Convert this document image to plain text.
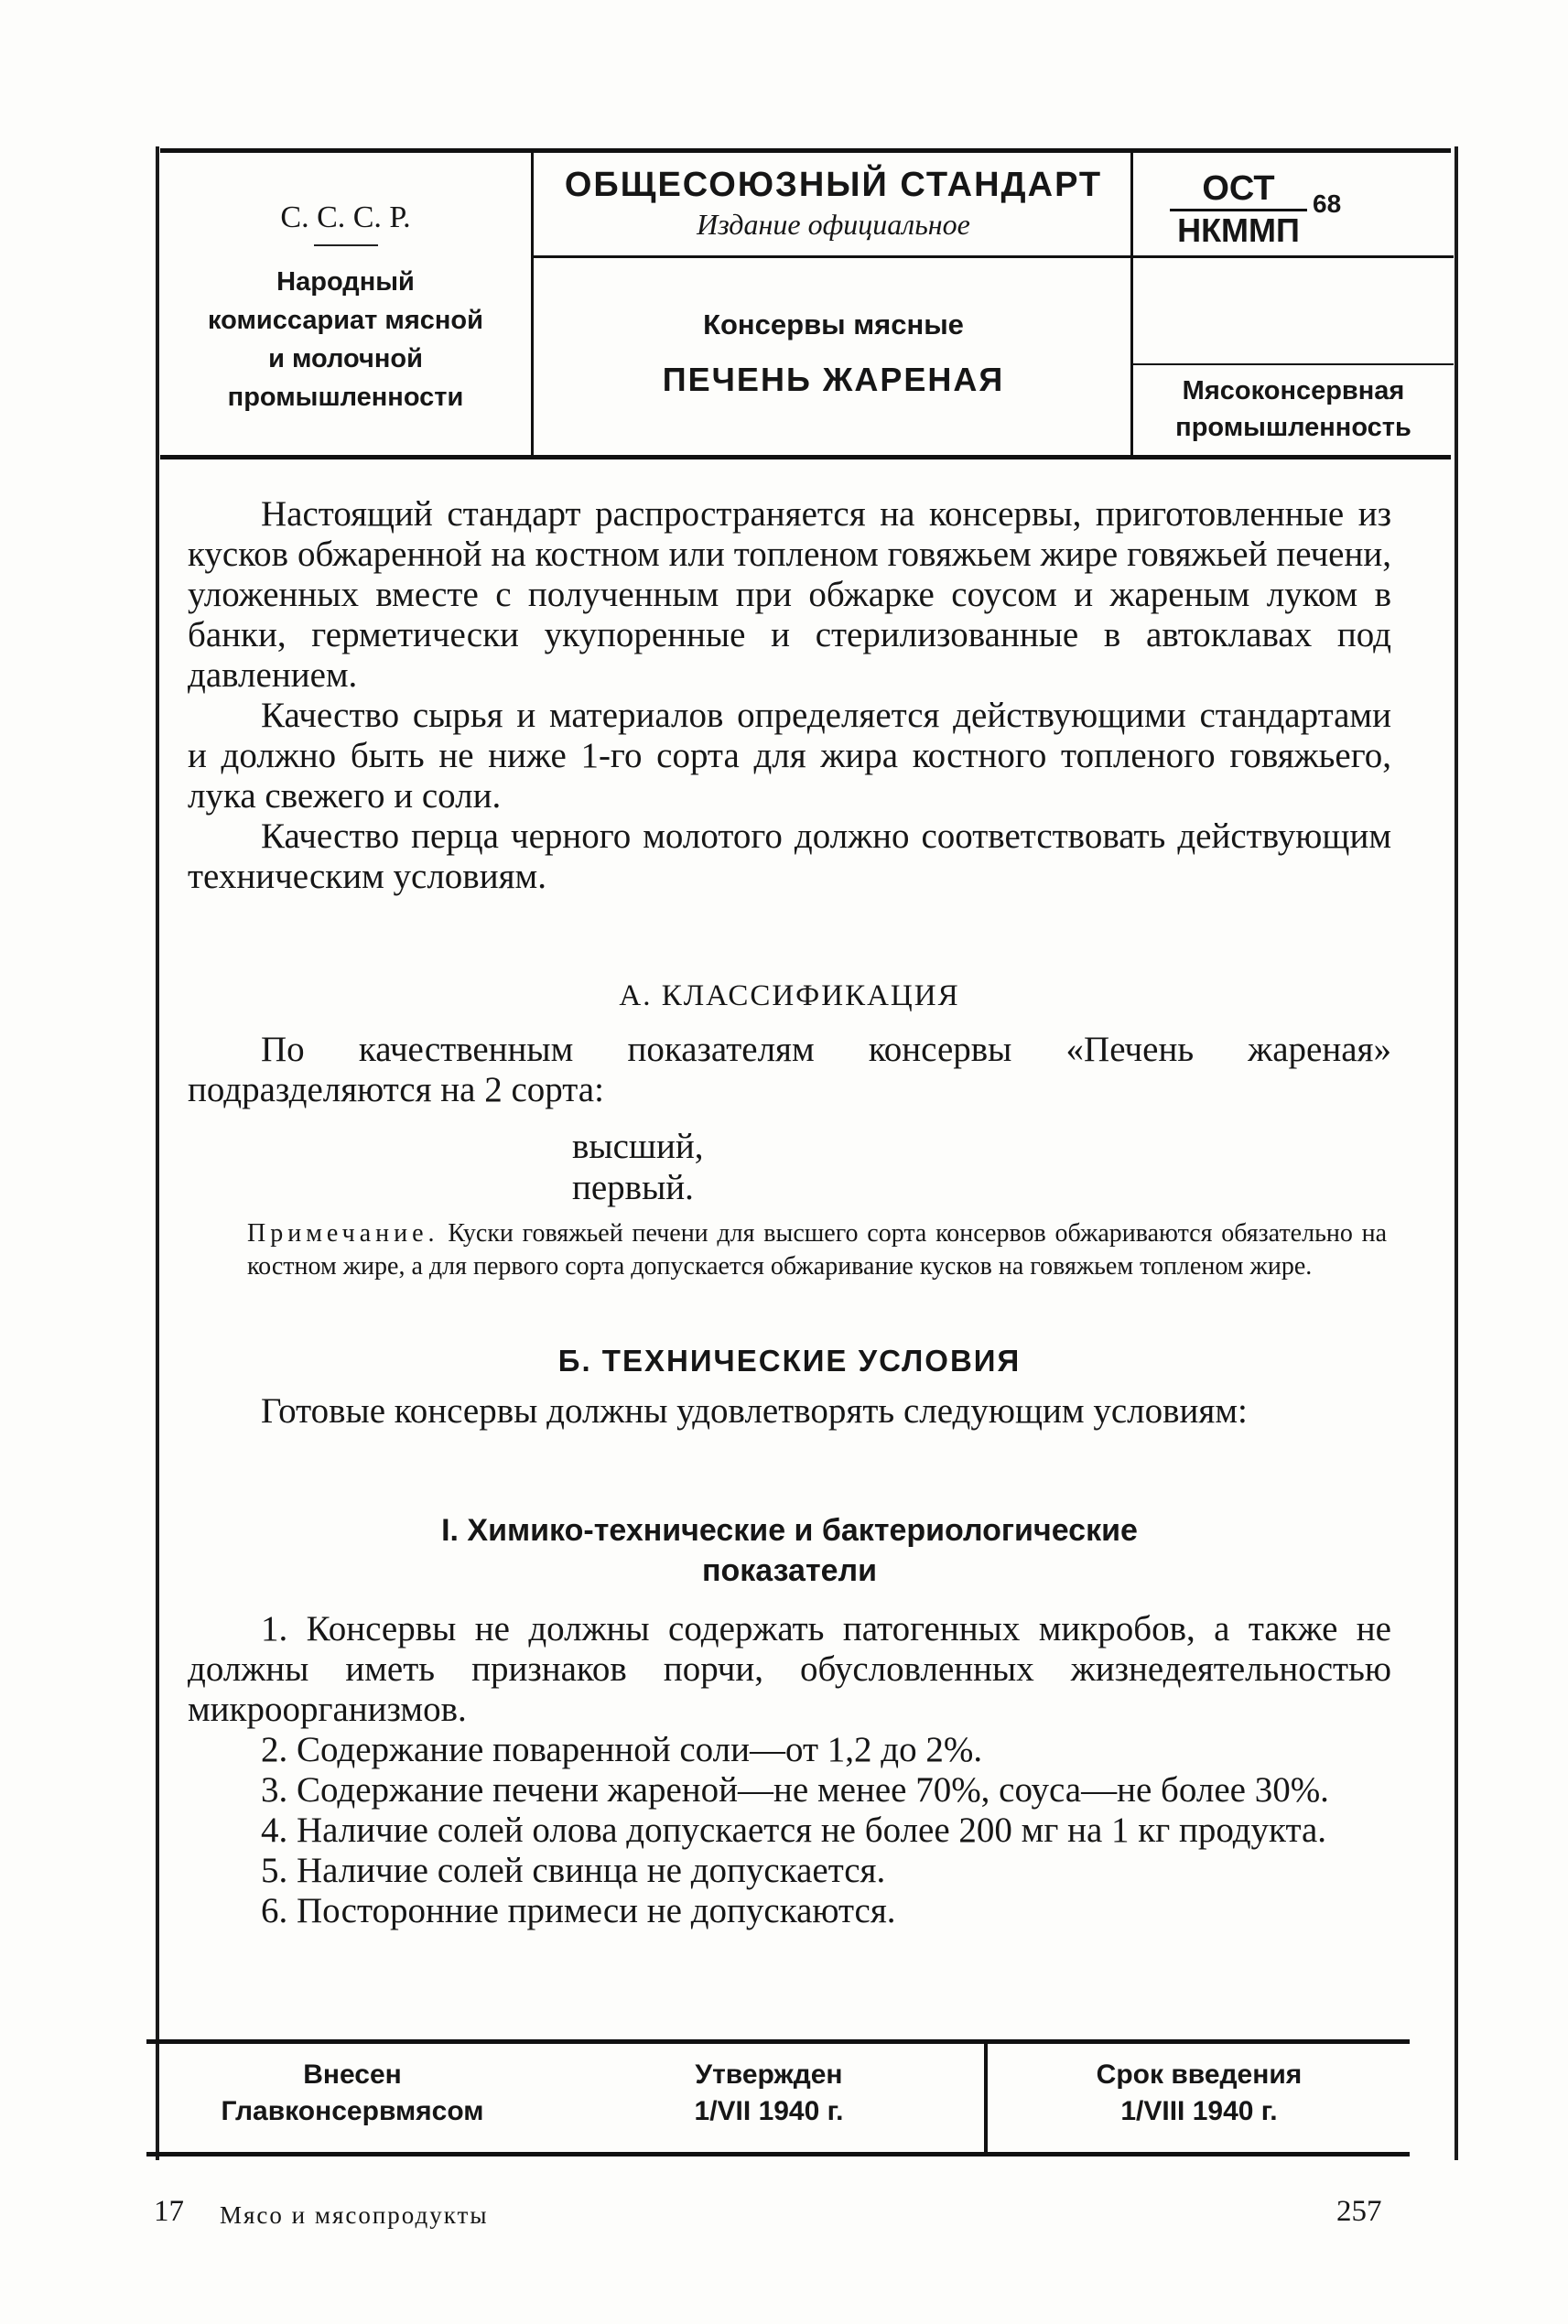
С. С. С. Р.
Народный
комиссариат мясной
и молочной
промышленности
ОБЩЕСОЮЗНЫЙ СТАНДАРТ
Издание официальное
Консервы мясные
ПЕЧЕНЬ ЖАРЕНАЯ
ОСТ
НКММП
68
Мясоконсервная
промышленность

Настоящий стандарт распространяется на консервы, приготовленные из кусков обжаренной на костном или топленом говяжьем жире говяжьей печени, уложенных вместе с полученным при обжарке соусом и жареным луком в банки, герметически укупоренные и стерилизованные в автоклавах под давлением.

Качество сырья и материалов определяется действующими стандартами и должно быть не ниже 1-го сорта для жира костного топленого говяжьего, лука свежего и соли.

Качество перца черного молотого должно соответствовать действующим техническим условиям.

А. КЛАССИФИКАЦИЯ

По качественным показателям консервы «Печень жареная» подразделяются на 2 сорта:

высший,
первый.
Примечание. Куски говяжьей печени для высшего сорта консервов обжариваются обязательно на костном жире, а для первого сорта допускается обжаривание кусков на говяжьем топленом жире.
Б. ТЕХНИЧЕСКИЕ УСЛОВИЯ

Готовые консервы должны удовлетворять следующим условиям:

I. Химико-технические и бактериологические
показатели

1. Консервы не должны содержать патогенных микробов, а также не должны иметь признаков порчи, обусловленных жизнедеятельностью микроорганизмов.

2. Содержание поваренной соли—от 1,2 до 2%.

3. Содержание печени жареной—не менее 70%, соуса—не более 30%.

4. Наличие солей олова допускается не более 200 мг на 1 кг продукта.

5. Наличие солей свинца не допускается.

6. Посторонние примеси не допускаются.

Внесен
Главконсервмясом
Утвержден
1/VII 1940 г.
Срок введения
1/VIII 1940 г.
17 Мясо и мясопродукты	257
